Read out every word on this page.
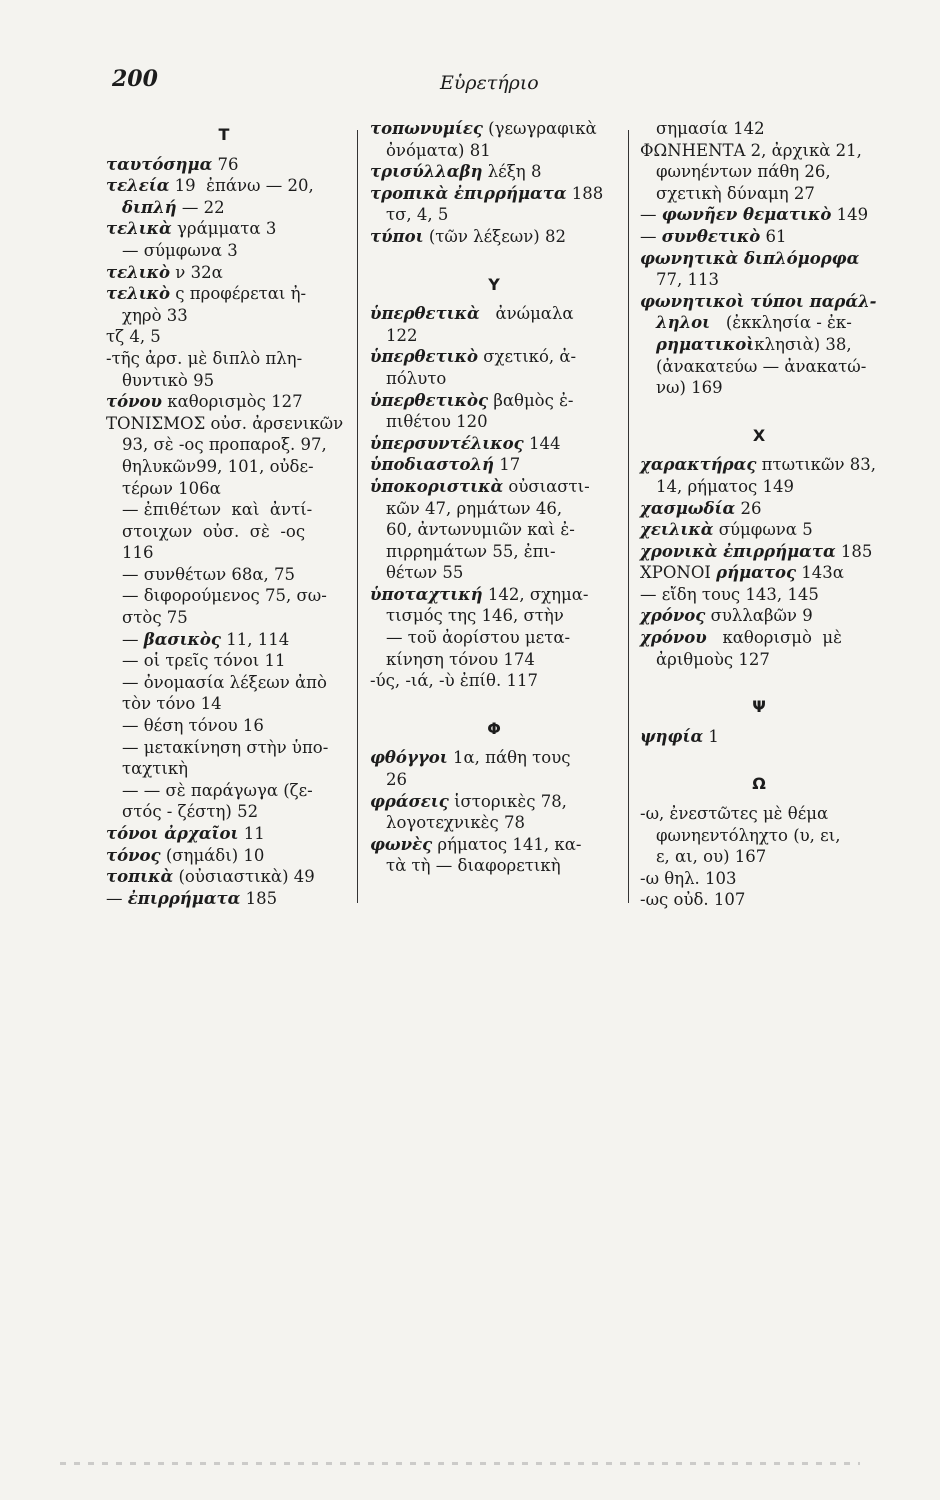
200	Εὑρετήριο
Τ
ταυτόσημα 76
τελεία 19  ἐπάνω — 20,
διπλή — 22
τελικὰ γράμματα 3
— σύμφωνα 3
τελικὸ ν 32α
τελικὸ ς προφέρεται ἠ-
χηρὸ 33
τζ 4, 5
-τῆς ἀρσ. μὲ διπλὸ πλη-
θυντικὸ 95
τόνου καθορισμὸς 127
ΤΟΝΙΣΜΟΣ οὐσ. ἀρσενικῶν
93, σὲ -ος προπαροξ. 97,
θηλυκῶν99, 101, οὐδε-
τέρων 106α
— ἐπιθέτων  καὶ  ἀντί-
στοιχων  οὐσ.  σὲ  -ος
116
— συνθέτων 68α, 75
— διφορούμενος 75, σω-
στὸς 75
— βασικὸς 11, 114
— οἱ τρεῖς τόνοι 11
— ὀνομασία λέξεων ἀπὸ
τὸν τόνο 14
— θέση τόνου 16
— μετακίνηση στὴν ὑπο-
ταχτικὴ
— — σὲ παράγωγα (ζε-
στός - ζέστη) 52
τόνοι ἀρχαῖοι 11
τόνος (σημάδι) 10
τοπικὰ (οὐσιαστικὰ) 49
— ἐπιρρήματα 185
τοπωνυμίες (γεωγραφικὰ
ὀνόματα) 81
τρισύλλαβη λέξη 8
τροπικὰ ἐπιρρήματα 188
τσ, 4, 5
τύποι (τῶν λέξεων) 82
Υ
ὑπερθετικὰ   ἀνώμαλα
122
ὑπερθετικὸ σχετικό, ἀ-
πόλυτο
ὑπερθετικὸς βαθμὸς ἐ-
πιθέτου 120
ὑπερσυντέλικος 144
ὑποδιαστολή 17
ὑποκοριστικὰ οὐσιαστι-
κῶν 47, ρημάτων 46,
60, ἀντωνυμιῶν καὶ ἐ-
πιρρημάτων 55, ἐπι-
θέτων 55
ὑποταχτική 142, σχημα-
τισμός της 146, στὴν
— τοῦ ἀορίστου μετα-
κίνηση τόνου 174
-ύς, -ιά, -ὺ ἐπίθ. 117
Φ
φθόγγοι 1α, πάθη τους
26
φράσεις ἱστορικὲς 78,
λογοτεχνικὲς 78
φωνὲς ρήματος 141, κα-
τὰ τὴ — διαφορετικὴ
σημασία 142
ΦΩΝΗΕΝΤΑ 2, ἀρχικὰ 21,
φωνηέντων πάθη 26,
σχετικὴ δύναμη 27
— φωνῆεν θεματικὸ 149
— συνθετικὸ 61
φωνητικὰ διπλόμορφα
77, 113
φωνητικοὶ τύποι παράλ-
ληλοι   (ἐκκλησία - ἐκ-
ρηματικοὶκλησιὰ) 38,
(ἀνακατεύω — ἀνακατώ-
νω) 169
Χ
χαρακτήρας πτωτικῶν 83,
14, ρήματος 149
χασμωδία 26
χειλικὰ σύμφωνα 5
χρονικὰ ἐπιρρήματα 185
ΧΡΟΝΟΙ ρήματος 143α
— εἴδη τους 143, 145
χρόνος συλλαβῶν 9
χρόνου   καθορισμὸ  μὲ
ἀριθμοὺς 127
Ψ
ψηφία 1
Ω
-ω, ἐνεστῶτες μὲ θέμα
φωνηεντόληχτο (υ, ει,
ε, αι, ου) 167
-ω θηλ. 103
-ως οὐδ. 107
